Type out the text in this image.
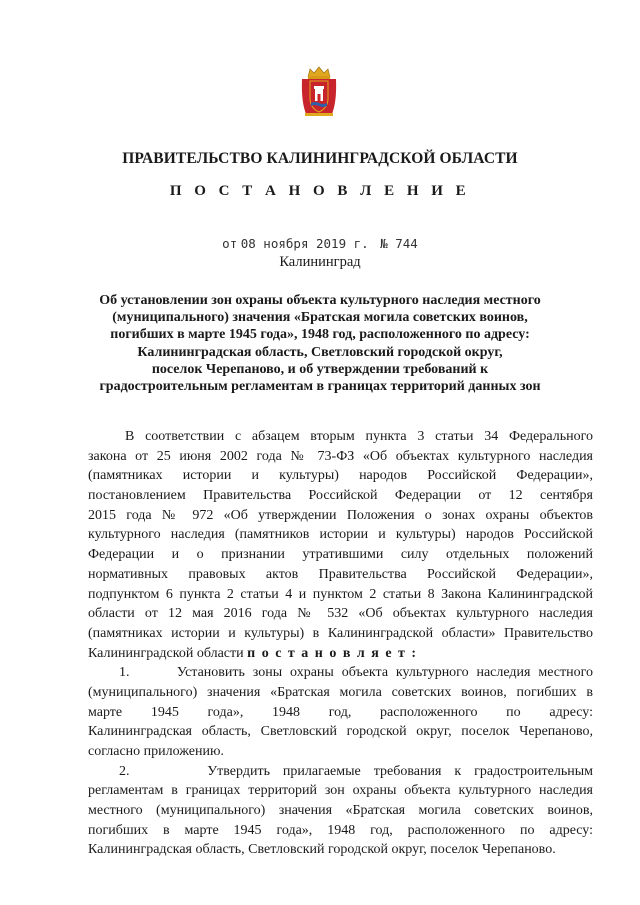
ПРАВИТЕЛЬСТВО КАЛИНИНГРАДСКОЙ ОБЛАСТИ
П О С Т А Н О В Л Е Н И Е
от 08 ноября 2019 г. № 744
Калининград
Об установлении зон охраны объекта культурного наследия местного
(муниципального) значения «Братская могила советских воинов,
погибших в марте 1945 года», 1948 год, расположенного по адресу:
Калининградская область, Светловский городской округ,
поселок Черепаново, и об утверждении требований к
градостроительным регламентам в границах территорий данных зон
В соответствии с абзацем вторым пункта 3 статьи 34 Федерального
закона от 25 июня 2002 года № 73-ФЗ «Об объектах культурного наследия
(памятниках истории и культуры) народов Российской Федерации»,
постановлением Правительства Российской Федерации от 12 сентября
2015 года № 972 «Об утверждении Положения о зонах охраны объектов
культурного наследия (памятников истории и культуры) народов Российской
Федерации и о признании утратившими силу отдельных положений
нормативных правовых актов Правительства Российской Федерации»,
подпунктом 6 пункта 2 статьи 4 и пунктом 2 статьи 8 Закона Калининградской
области от 12 мая 2016 года № 532 «Об объектах культурного наследия
(памятниках истории и культуры) в Калининградской области» Правительство
Калининградской области п о с т а н о в л я е т :
1.      Установить зоны охраны объекта культурного наследия местного
(муниципального) значения «Братская могила советских воинов, погибших в
марте 1945 года», 1948 год, расположенного по адресу:
Калининградская область, Светловский городской округ, поселок Черепаново,
согласно приложению.
2.      Утвердить прилагаемые требования к градостроительным
регламентам в границах территорий зон охраны объекта культурного наследия
местного (муниципального) значения «Братская могила советских воинов,
погибших в марте 1945 года», 1948 год, расположенного по адресу:
Калининградская область, Светловский городской округ, поселок Черепаново.
